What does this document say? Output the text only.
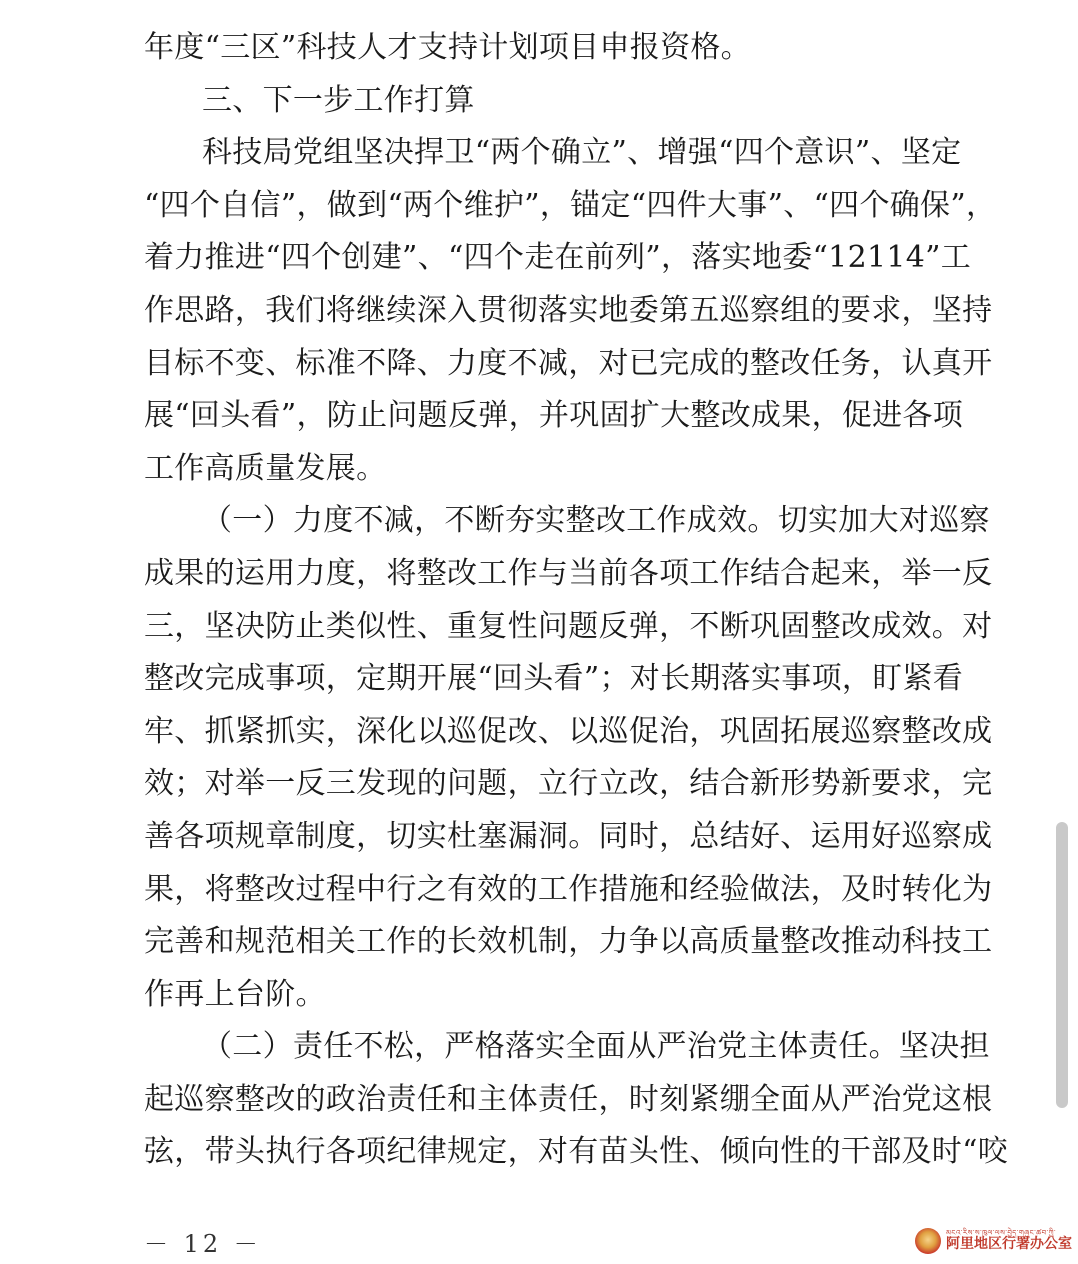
年度“三区”科技人才支持计划项目申报资格。
三、下一步工作打算
科技局党组坚决捍卫“两个确立”、增强“四个意识”、坚定
“四个自信”，做到“两个维护”，锚定“四件大事”、“四个确保”，
着力推进“四个创建”、“四个走在前列”，落实地委“12114”工
作思路，我们将继续深入贯彻落实地委第五巡察组的要求，坚持
目标不变、标准不降、力度不减，对已完成的整改任务，认真开
展“回头看”，防止问题反弹，并巩固扩大整改成果，促进各项
工作高质量发展。
（一）力度不减，不断夯实整改工作成效。切实加大对巡察
成果的运用力度，将整改工作与当前各项工作结合起来，举一反
三，坚决防止类似性、重复性问题反弹，不断巩固整改成效。对
整改完成事项，定期开展“回头看”；对长期落实事项，盯紧看
牢、抓紧抓实，深化以巡促改、以巡促治，巩固拓展巡察整改成
效；对举一反三发现的问题，立行立改，结合新形势新要求，完
善各项规章制度，切实杜塞漏洞。同时，总结好、运用好巡察成
果，将整改过程中行之有效的工作措施和经验做法，及时转化为
完善和规范相关工作的长效机制，力争以高质量整改推动科技工
作再上台阶。
（二）责任不松，严格落实全面从严治党主体责任。坚决担
起巡察整改的政治责任和主体责任，时刻紧绷全面从严治党这根
弦，带头执行各项纪律规定，对有苗头性、倾向性的干部及时“咬
－ 12 －	མངའ་རིས་ས་ཁུལ་ལས་བྱེད་གཞུང་ཚབ་ཀྱི་
阿里地区行署办公室
